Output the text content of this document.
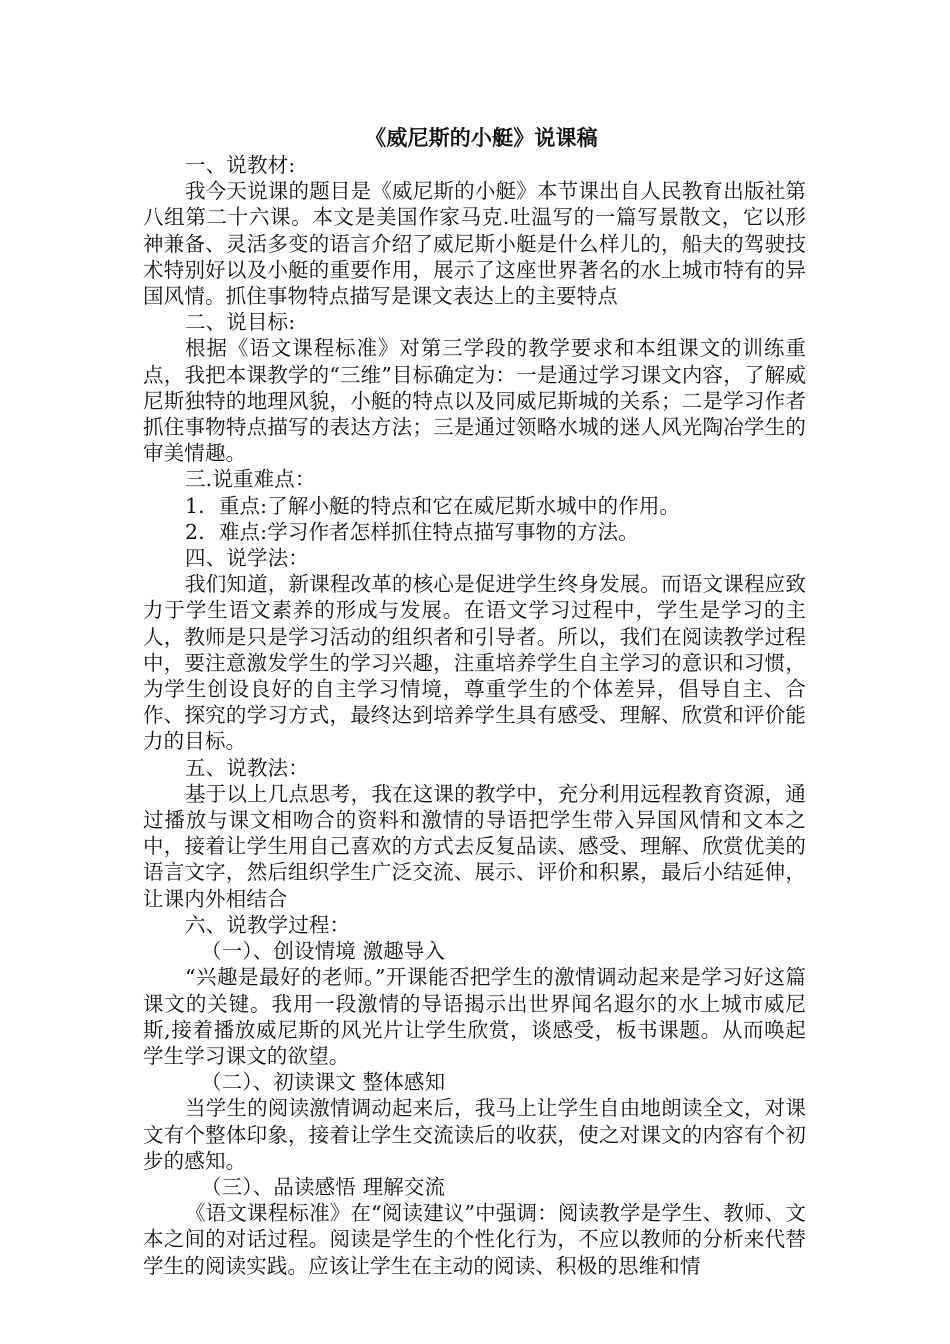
《威尼斯的小艇》说课稿

一、说教材:

我今天说课的题目是《威尼斯的小艇》本节课出自人民教育出版社第八组第二十六课。本文是美国作家马克.吐温写的一篇写景散文，它以形神兼备、灵活多变的语言介绍了威尼斯小艇是什么样儿的，船夫的驾驶技术特别好以及小艇的重要作用，展示了这座世界著名的水上城市特有的异国风情。抓住事物特点描写是课文表达上的主要特点

二、说目标:

根据《语文课程标准》对第三学段的教学要求和本组课文的训练重点，我把本课教学的“三维”目标确定为：一是通过学习课文内容，了解威尼斯独特的地理风貌，小艇的特点以及同威尼斯城的关系；二是学习作者抓住事物特点描写的表达方法；三是通过领略水城的迷人风光陶冶学生的审美情趣。

三.说重难点：

1．重点:了解小艇的特点和它在威尼斯水城中的作用。

2．难点:学习作者怎样抓住特点描写事物的方法。

四、说学法：

我们知道，新课程改革的核心是促进学生终身发展。而语文课程应致力于学生语文素养的形成与发展。在语文学习过程中，学生是学习的主人，教师是只是学习活动的组织者和引导者。所以，我们在阅读教学过程中，要注意激发学生的学习兴趣，注重培养学生自主学习的意识和习惯，为学生创设良好的自主学习情境，尊重学生的个体差异，倡导自主、合作、探究的学习方式，最终达到培养学生具有感受、理解、欣赏和评价能力的目标。

五、说教法：

基于以上几点思考，我在这课的教学中，充分利用远程教育资源，通过播放与课文相吻合的资料和激情的导语把学生带入异国风情和文本之中，接着让学生用自己喜欢的方式去反复品读、感受、理解、欣赏优美的语言文字，然后组织学生广泛交流、展示、评价和积累，最后小结延伸，让课内外相结合

六、说教学过程：

（一）、创设情境 激趣导入

“兴趣是最好的老师。”开课能否把学生的激情调动起来是学习好这篇课文的关键。我用一段激情的导语揭示出世界闻名遐尔的水上城市威尼斯,接着播放威尼斯的风光片让学生欣赏，谈感受，板书课题。从而唤起学生学习课文的欲望。

（二）、初读课文 整体感知

当学生的阅读激情调动起来后，我马上让学生自由地朗读全文，对课文有个整体印象，接着让学生交流读后的收获，使之对课文的内容有个初步的感知。

（三）、品读感悟 理解交流

《语文课程标准》在“阅读建议”中强调：阅读教学是学生、教师、文本之间的对话过程。阅读是学生的个性化行为，不应以教师的分析来代替学生的阅读实践。应该让学生在主动的阅读、积极的思维和情
